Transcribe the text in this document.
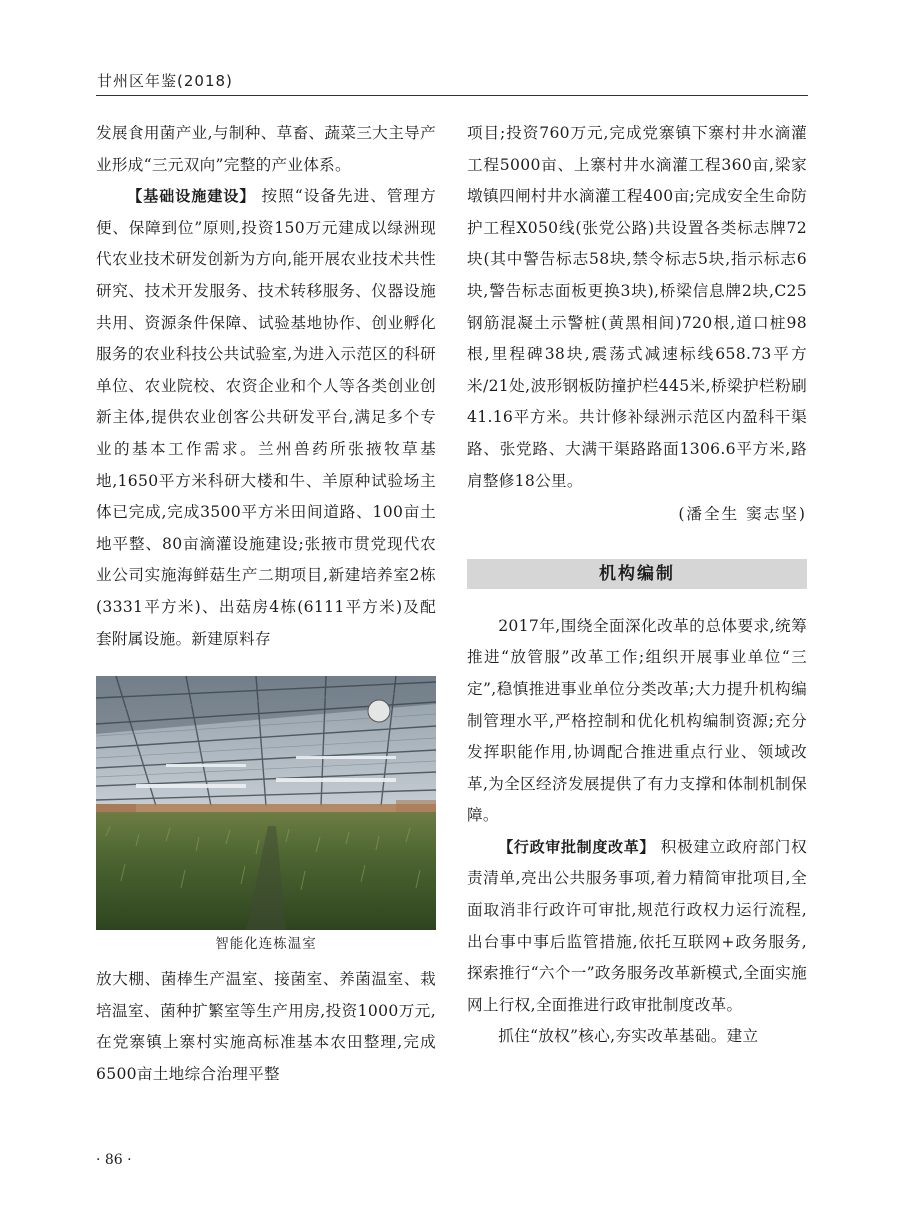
甘州区年鉴(2018)

发展食用菌产业,与制种、草畜、蔬菜三大主导产业形成“三元双向”完整的产业体系。

【基础设施建设】 按照“设备先进、管理方便、保障到位”原则,投资150万元建成以绿洲现代农业技术研发创新为方向,能开展农业技术共性研究、技术开发服务、技术转移服务、仪器设施共用、资源条件保障、试验基地协作、创业孵化服务的农业科技公共试验室,为进入示范区的科研单位、农业院校、农资企业和个人等各类创业创新主体,提供农业创客公共研发平台,满足多个专业的基本工作需求。兰州兽药所张掖牧草基地,1650平方米科研大楼和牛、羊原种试验场主体已完成,完成3500平方米田间道路、100亩土地平整、80亩滴灌设施建设;张掖市贯党现代农业公司实施海鲜菇生产二期项目,新建培养室2栋(3331平方米)、出菇房4栋(6111平方米)及配套附属设施。新建原料存

智能化连栋温室

放大棚、菌棒生产温室、接菌室、养菌温室、栽培温室、菌种扩繁室等生产用房,投资1000万元,在党寨镇上寨村实施高标准基本农田整理,完成6500亩土地综合治理平整

项目;投资760万元,完成党寨镇下寨村井水滴灌工程5000亩、上寨村井水滴灌工程360亩,梁家墩镇四闸村井水滴灌工程400亩;完成安全生命防护工程X050线(张党公路)共设置各类标志牌72块(其中警告标志58块,禁令标志5块,指示标志6块,警告标志面板更换3块),桥梁信息牌2块,C25钢筋混凝土示警桩(黄黑相间)720根,道口桩98根,里程碑38块,震荡式减速标线658.73平方米/21处,波形钢板防撞护栏445米,桥梁护栏粉刷41.16平方米。共计修补绿洲示范区内盈科干渠路、张党路、大满干渠路路面1306.6平方米,路肩整修18公里。

(潘全生 窦志坚)

机构编制

2017年,围绕全面深化改革的总体要求,统筹推进“放管服”改革工作;组织开展事业单位“三定”,稳慎推进事业单位分类改革;大力提升机构编制管理水平,严格控制和优化机构编制资源;充分发挥职能作用,协调配合推进重点行业、领域改革,为全区经济发展提供了有力支撑和体制机制保障。

【行政审批制度改革】 积极建立政府部门权责清单,亮出公共服务事项,着力精简审批项目,全面取消非行政许可审批,规范行政权力运行流程,出台事中事后监管措施,依托互联网+政务服务,探索推行“六个一”政务服务改革新模式,全面实施网上行权,全面推进行政审批制度改革。

抓住“放权”核心,夯实改革基础。建立

· 86 ·
